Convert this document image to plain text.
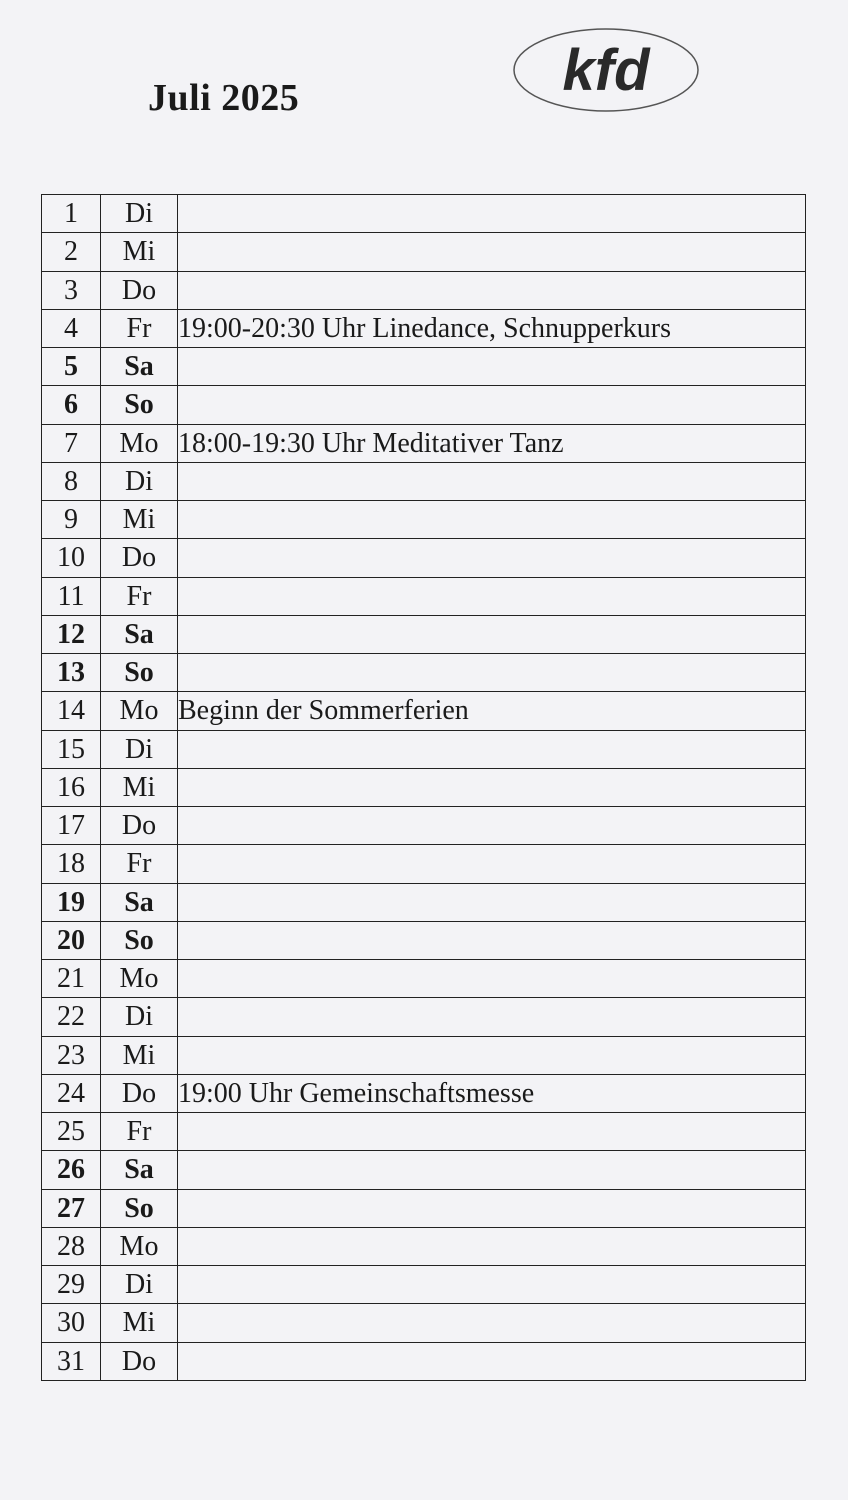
Juli 2025	kfd
1	Di	
2	Mi	
3	Do	
4	Fr	19:00-20:30 Uhr Linedance, Schnupperkurs
5	Sa	
6	So	
7	Mo	18:00-19:30 Uhr Meditativer Tanz
8	Di	
9	Mi	
10	Do	
11	Fr	
12	Sa	
13	So	
14	Mo	Beginn der Sommerferien
15	Di	
16	Mi	
17	Do	
18	Fr	
19	Sa	
20	So	
21	Mo	
22	Di	
23	Mi	
24	Do	19:00 Uhr Gemeinschaftsmesse
25	Fr	
26	Sa	
27	So	
28	Mo	
29	Di	
30	Mi	
31	Do	
